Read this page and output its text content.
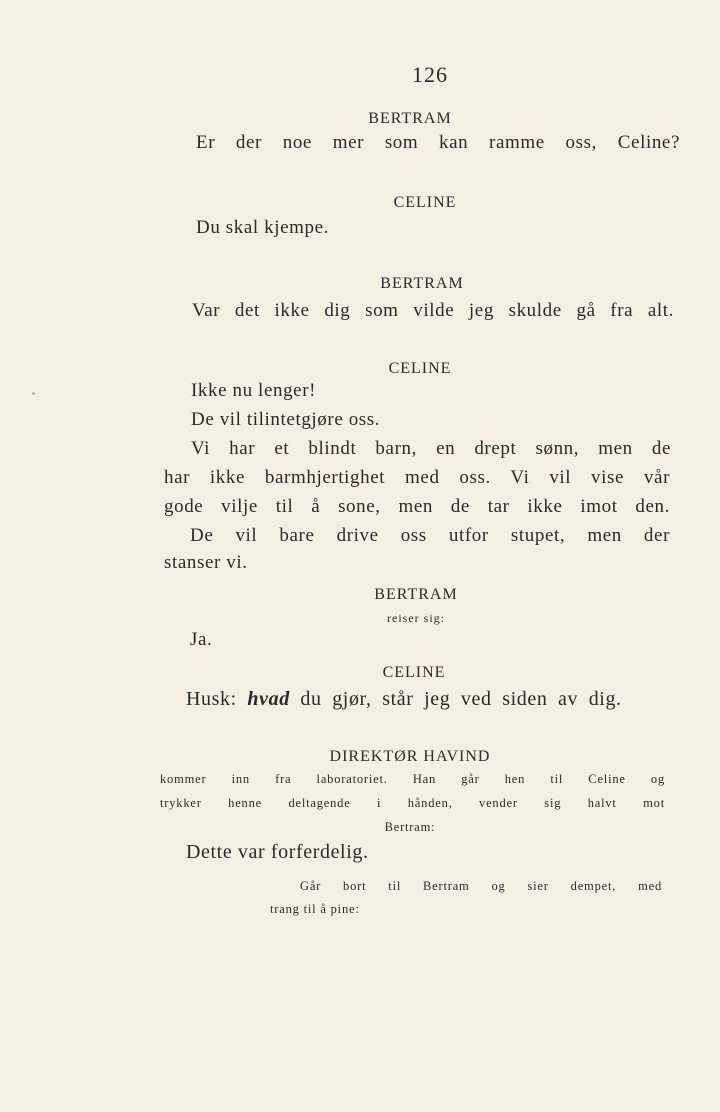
126
BERTRAM
Er der noe mer som kan ramme oss, Celine?
CELINE
Du skal kjempe.
BERTRAM
Var det ikke dig som vilde jeg skulde gå fra alt.
CELINE
Ikke nu lenger!
De vil tilintetgjøre oss.
Vi har et blindt barn, en drept sønn, men de
har ikke barmhjertighet med oss. Vi vil vise vår
gode vilje til å sone, men de tar ikke imot den.
De vil bare drive oss utfor stupet, men der
stanser vi.
BERTRAM
reiser sig:
Ja.
CELINE
Husk: hvad du gjør, står jeg ved siden av dig.
DIREKTØR HAVIND
kommer inn fra laboratoriet. Han går hen til Celine og
trykker henne deltagende i hånden, vender sig halvt mot
Bertram:
Dette var forferdelig.
Går bort til Bertram og sier dempet, med
trang til å pine:
